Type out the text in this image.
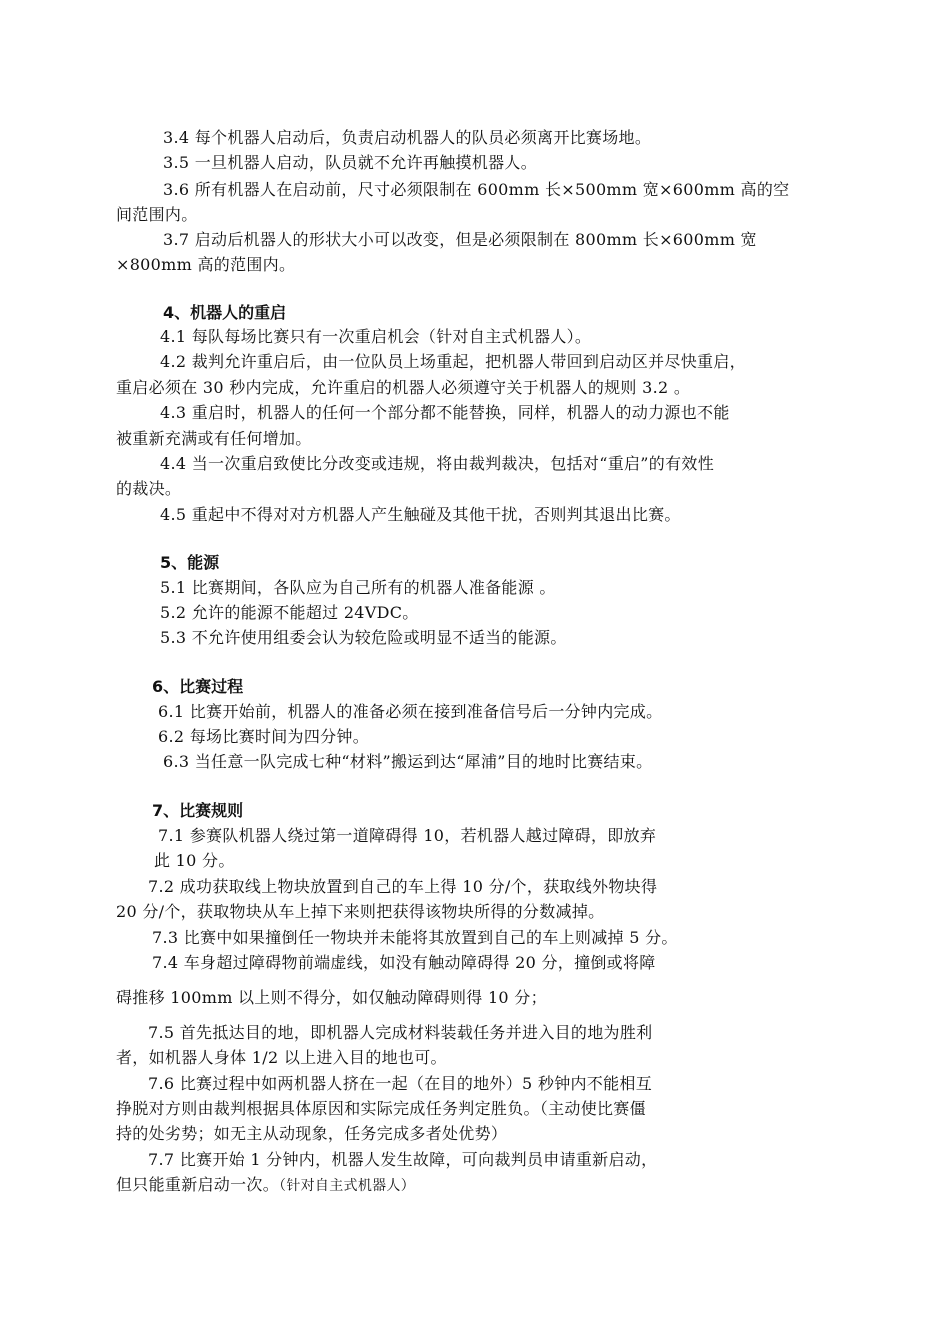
3.4 每个机器人启动后，负责启动机器人的队员必须离开比赛场地。
3.5 一旦机器人启动，队员就不允许再触摸机器人。
3.6 所有机器人在启动前，尺寸必须限制在 600mm 长×500mm 宽×600mm 高的空
间范围内。
3.7 启动后机器人的形状大小可以改变，但是必须限制在 800mm 长×600mm 宽
×800mm 高的范围内。
4、机器人的重启
4.1 每队每场比赛只有一次重启机会（针对自主式机器人）。
4.2 裁判允许重启后，由一位队员上场重起，把机器人带回到启动区并尽快重启，
重启必须在 30 秒内完成，允许重启的机器人必须遵守关于机器人的规则 3.2 。
4.3 重启时，机器人的任何一个部分都不能替换，同样，机器人的动力源也不能
被重新充满或有任何增加。
4.4 当一次重启致使比分改变或违规，将由裁判裁决，包括对“重启”的有效性
的裁决。
4.5 重起中不得对对方机器人产生触碰及其他干扰，否则判其退出比赛。
5、能源
5.1 比赛期间，各队应为自己所有的机器人准备能源 。
5.2 允许的能源不能超过 24VDC。
5.3 不允许使用组委会认为较危险或明显不适当的能源。
6、比赛过程
6.1 比赛开始前，机器人的准备必须在接到准备信号后一分钟内完成。
6.2 每场比赛时间为四分钟。
6.3 当任意一队完成七种“材料”搬运到达“犀浦”目的地时比赛结束。
7、比赛规则
7.1 参赛队机器人绕过第一道障碍得 10，若机器人越过障碍，即放弃
此 10 分。
7.2 成功获取线上物块放置到自己的车上得 10 分/个，获取线外物块得
20 分/个，获取物块从车上掉下来则把获得该物块所得的分数减掉。
7.3 比赛中如果撞倒任一物块并未能将其放置到自己的车上则减掉 5 分。
7.4 车身超过障碍物前端虚线，如没有触动障碍得 20 分，撞倒或将障
碍推移 100mm 以上则不得分，如仅触动障碍则得 10 分；
7.5 首先抵达目的地，即机器人完成材料装载任务并进入目的地为胜利
者，如机器人身体 1/2 以上进入目的地也可。
7.6 比赛过程中如两机器人挤在一起（在目的地外）5 秒钟内不能相互
挣脱对方则由裁判根据具体原因和实际完成任务判定胜负。（主动使比赛僵
持的处劣势；如无主从动现象，任务完成多者处优势）
7.7 比赛开始 1 分钟内，机器人发生故障，可向裁判员申请重新启动，
但只能重新启动一次。（针对自主式机器人）
